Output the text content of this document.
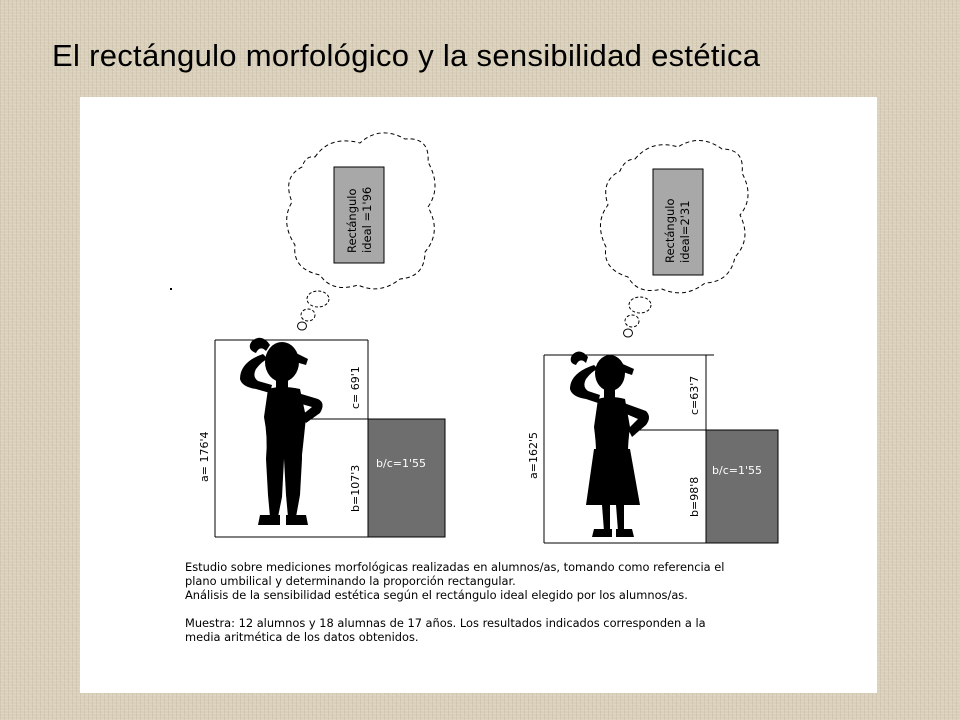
El rectángulo morfológico y la sensibilidad estética
Rectángulo ideal =1'96
b/c=1'55
a= 176'4
c= 69'1
b=107'3
Rectángulo ideal=2'31
b/c=1'55
a=162'5
c=63'7
b=98'8

Estudio sobre mediciones morfológicas realizadas en alumnos/as, tomando como referencia el

plano umbilical y determinando la proporción rectangular.

Análisis de la sensibilidad estética según el rectángulo ideal elegido por los alumnos/as.

Muestra: 12 alumnos y 18 alumnas de 17 años. Los resultados indicados corresponden a la

media aritmética de los datos obtenidos.
